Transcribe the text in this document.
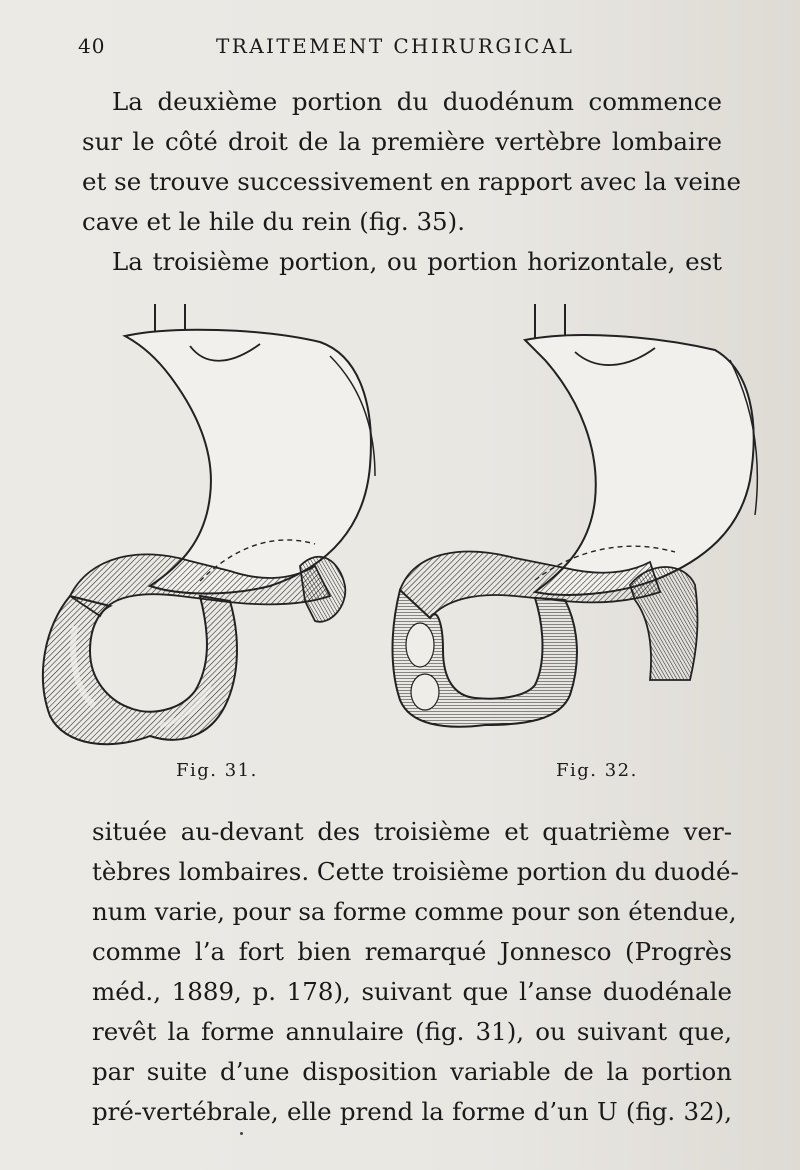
40	TRAITEMENT CHIRURGICAL

La deuxième portion du duodénum commence
sur le côté droit de la première vertèbre lombaire
et se trouve successivement en rapport avec la veine
cave et le hile du rein (fig. 35).

La troisième portion, ou portion horizontale, est

Fig. 31.	Fig. 32.

située au-devant des troisième et quatrième ver-
tèbres lombaires. Cette troisième portion du duodé-
num varie, pour sa forme comme pour son étendue,
comme l’a fort bien remarqué Jonnesco (Progrès
méd., 1889, p. 178), suivant que l’anse duodénale
revêt la forme annulaire (fig. 31), ou suivant que,
par suite d’une disposition variable de la portion
pré-vertébrale, elle prend la forme d’un U (fig. 32),
